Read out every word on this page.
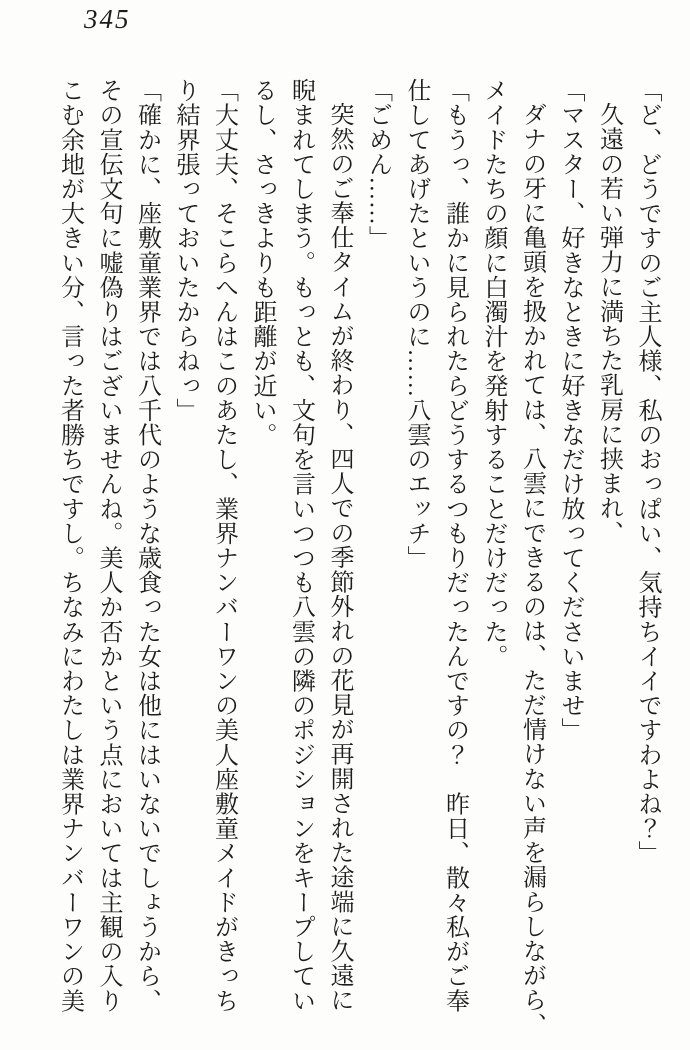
345
「ど、どうですのご主人様、私のおっぱい、気持ちイイですわよね？」
久遠の若い弾力に満ちた乳房に挟まれ、
「マスター、好きなときに好きなだけ放ってくださいませ」
ダナの牙に亀頭を扱かれては、八雲にできるのは、ただ情けない声を漏らしながら、
メイドたちの顔に白濁汁を発射することだけだった。
「もうっ、誰かに見られたらどうするつもりだったんですの？　昨日、散々私がご奉
仕してあげたというのに……八雲のエッチ」
「ごめん……」
突然のご奉仕タイムが終わり、四人での季節外れの花見が再開された途端に久遠に
睨まれてしまう。もっとも、文句を言いつつも八雲の隣のポジションをキープしてい
るし、さっきよりも距離が近い。
「大丈夫、そこらへんはこのあたし、業界ナンバーワンの美人座敷童メイドがきっち
り結界張っておいたからねっ」
「確かに、座敷童業界では八千代のような歳食った女は他にはいないでしょうから、
その宣伝文句に嘘偽りはございませんね。美人か否かという点においては主観の入り
こむ余地が大きい分、言った者勝ちですし。ちなみにわたしは業界ナンバーワンの美
